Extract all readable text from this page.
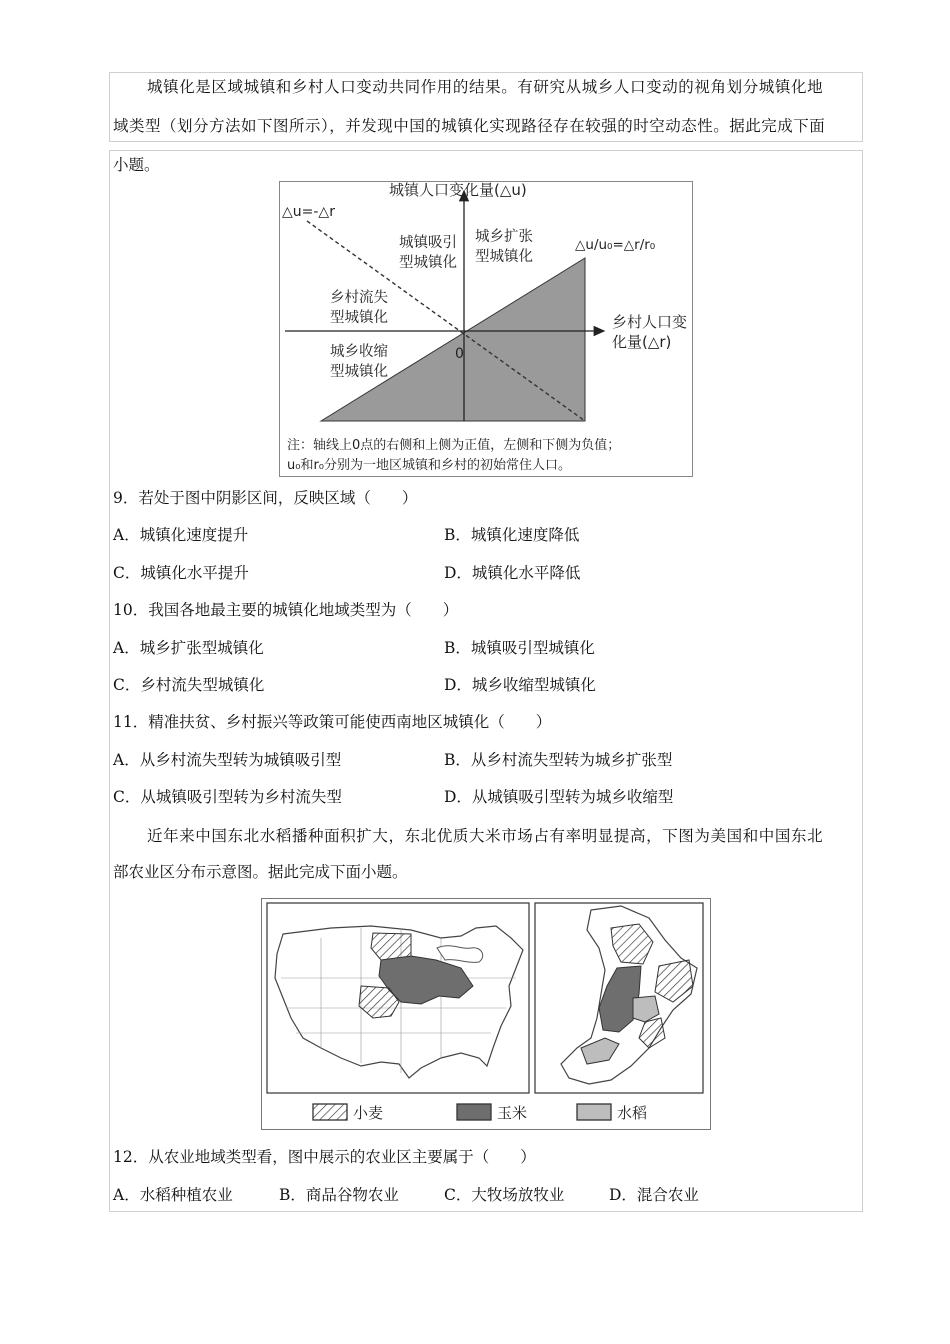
城镇化是区域城镇和乡村人口变动共同作用的结果。有研究从城乡人口变动的视角划分城镇化地
域类型（划分方法如下图所示），并发现中国的城镇化实现路径存在较强的时空动态性。据此完成下面
小题。
城镇人口变化量(△u)
△u=-△r
△u/u₀=△r/r₀
乡村人口变
化量(△r)
0
城镇吸引
型城镇化
城乡扩张
型城镇化
乡村流失
型城镇化
城乡收缩
型城镇化
注：轴线上0点的右侧和上侧为正值，左侧和下侧为负值；
u₀和r₀分别为一地区城镇和乡村的初始常住人口。
9．若处于图中阴影区间，反映区域（　　）
A．城镇化速度提升	B．城镇化速度降低
C．城镇化水平提升	D．城镇化水平降低
10．我国各地最主要的城镇化地域类型为（　　）
A．城乡扩张型城镇化	B．城镇吸引型城镇化
C．乡村流失型城镇化	D．城乡收缩型城镇化
11．精准扶贫、乡村振兴等政策可能使西南地区城镇化（　　）
A．从乡村流失型转为城镇吸引型	B．从乡村流失型转为城乡扩张型
C．从城镇吸引型转为乡村流失型	D．从城镇吸引型转为城乡收缩型
近年来中国东北水稻播种面积扩大，东北优质大米市场占有率明显提高，下图为美国和中国东北
部农业区分布示意图。据此完成下面小题。
小麦	玉米	水稻
12．从农业地域类型看，图中展示的农业区主要属于（　　）
A．水稻种植农业	B．商品谷物农业	C．大牧场放牧业	D．混合农业
